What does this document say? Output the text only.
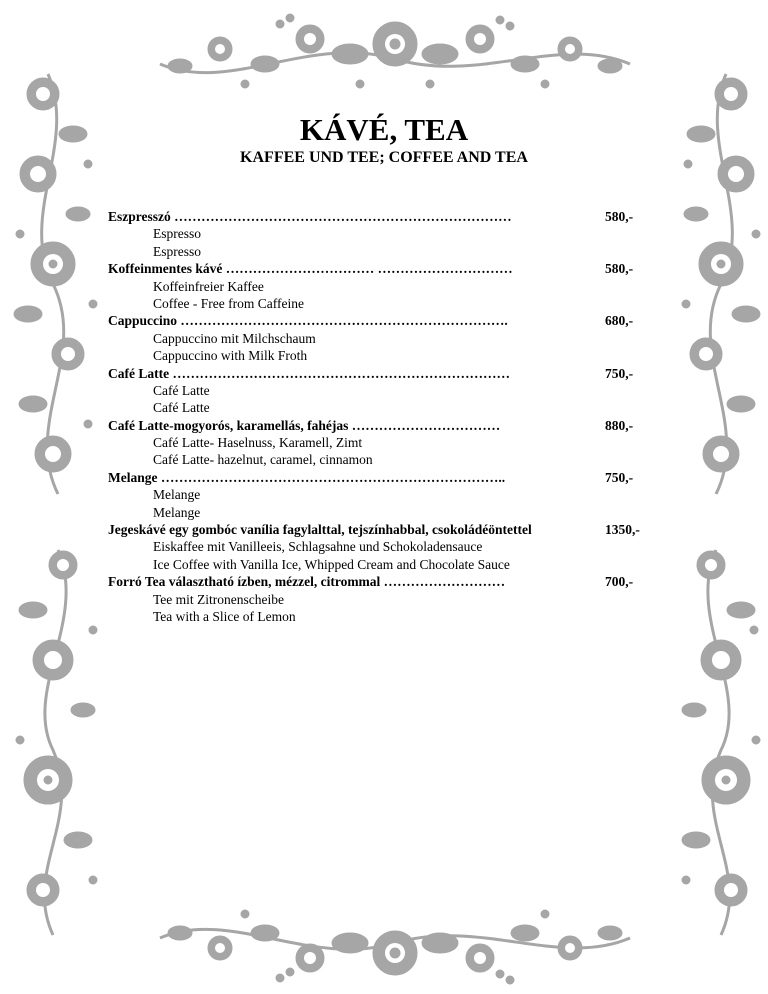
KÁVÉ, TEA
KAFFEE UND TEE; COFFEE AND TEA
Eszpresszó …………………………………………………………………	580,-
Espresso
Espresso
Koffeinmentes kávé …………………………… …………………………	580,-
Koffeinfreier Kaffee
Coffee - Free from Caffeine
Cappuccino ……………………………………………………………….	680,-
Cappuccino mit Milchschaum
Cappuccino with Milk Froth
Café Latte …………………………………………………………………	750,-
Café Latte
Café Latte
Café Latte-mogyorós, karamellás, fahéjas ……………………………	880,-
Café Latte- Haselnuss, Karamell, Zimt
Café Latte- hazelnut, caramel, cinnamon
Melange …………………………………………………………………..	750,-
Melange
Melange
Jegeskávé egy gombóc vanília fagylalttal, tejszínhabbal, csokoládéöntettel	1350,-
Eiskaffee mit Vanilleeis, Schlagsahne und Schokoladensauce
Ice Coffee with Vanilla Ice, Whipped Cream and Chocolate Sauce
Forró Tea választható ízben, mézzel, citrommal ………………………	700,-
Tee mit Zitronenscheibe
Tea with a Slice of Lemon
